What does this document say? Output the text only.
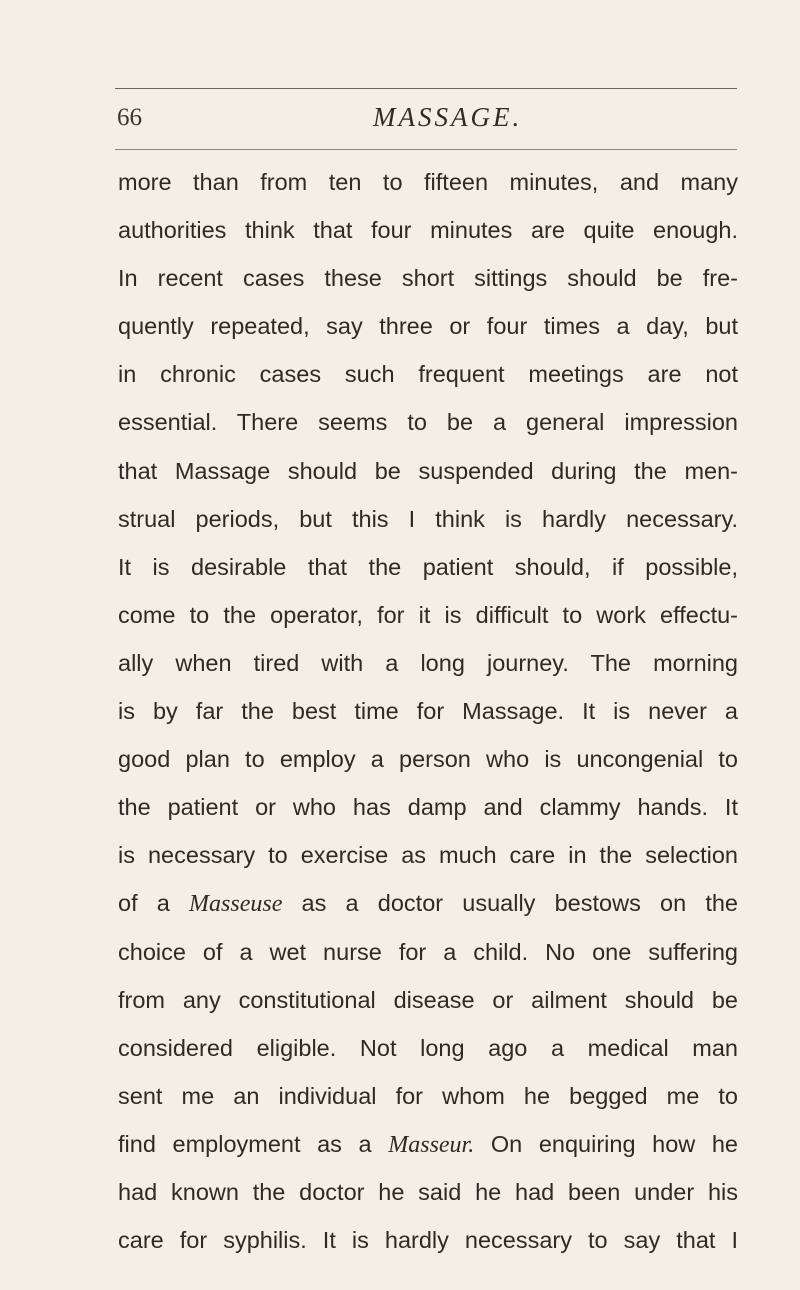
66	MASSAGE.
more than from ten to fifteen minutes, and many
authorities think that four minutes are quite enough.
In recent cases these short sittings should be fre-
quently repeated, say three or four times a day, but
in chronic cases such frequent meetings are not
essential. There seems to be a general impression
that Massage should be suspended during the men-
strual periods, but this I think is hardly necessary.
It is desirable that the patient should, if possible,
come to the operator, for it is difficult to work effectu-
ally when tired with a long journey. The morning
is by far the best time for Massage. It is never a
good plan to employ a person who is uncongenial to
the patient or who has damp and clammy hands. It
is necessary to exercise as much care in the selection
of a Masseuse as a doctor usually bestows on the
choice of a wet nurse for a child. No one suffering
from any constitutional disease or ailment should be
considered eligible. Not long ago a medical man
sent me an individual for whom he begged me to
find employment as a Masseur. On enquiring how he
had known the doctor he said he had been under his
care for syphilis. It is hardly necessary to say that I
